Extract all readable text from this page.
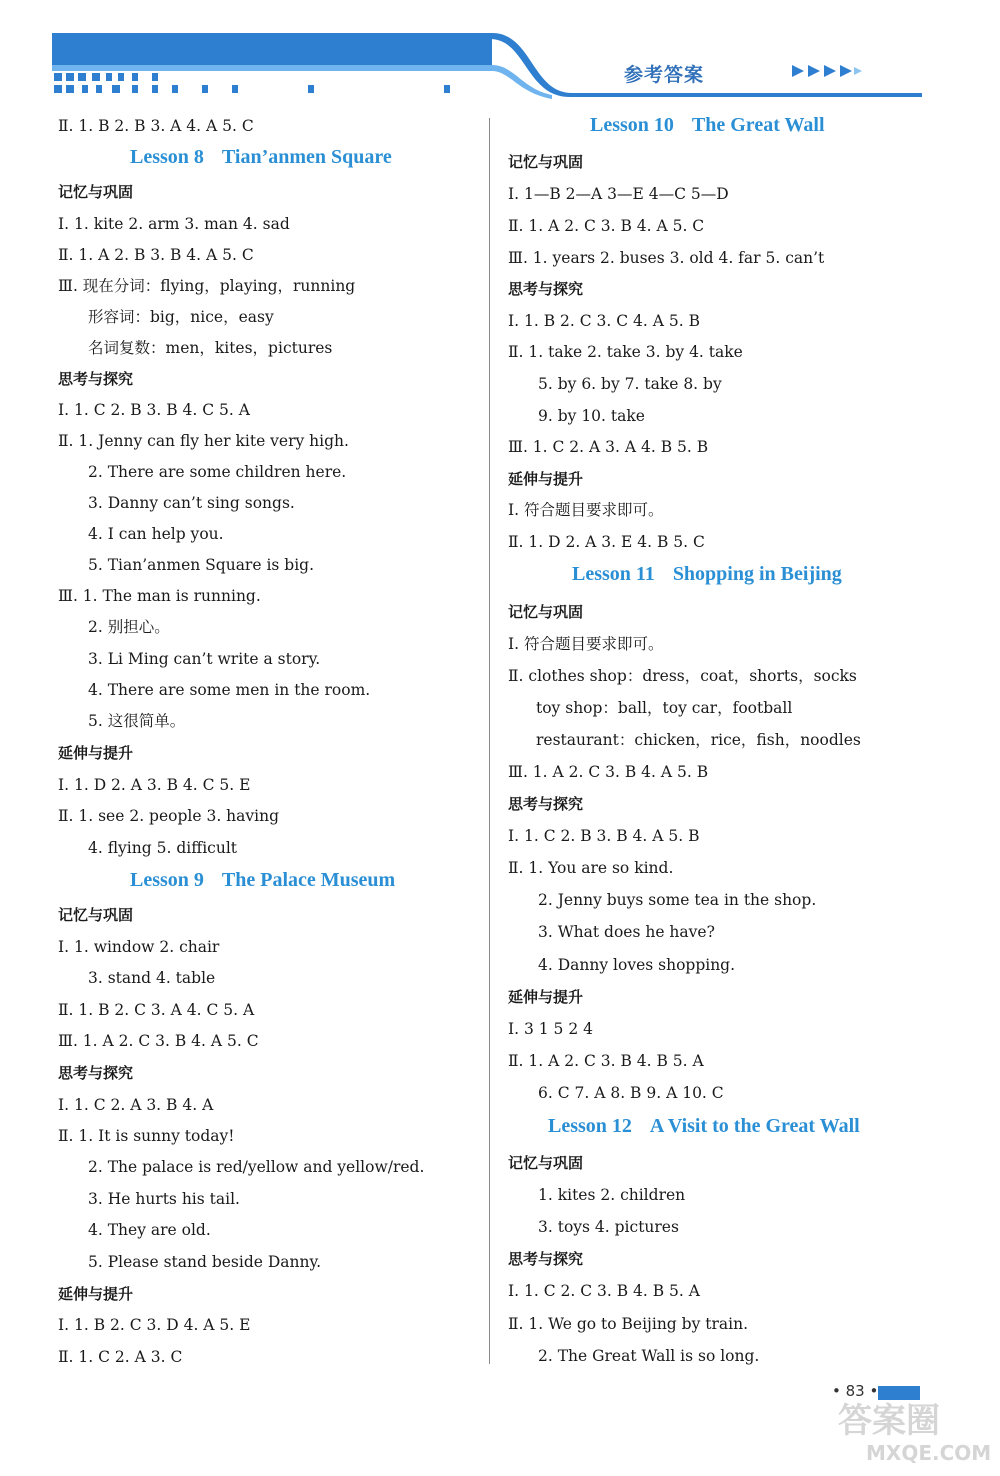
参考答案
Ⅱ. 1. B 2. B 3. A 4. A 5. C
Lesson 8 Tian’anmen Square
记忆与巩固
Ⅰ. 1. kite 2. arm 3. man 4. sad
Ⅱ. 1. A 2. B 3. B 4. A 5. C
Ⅲ. 现在分词：flying，playing，running
形容词：big，nice，easy
名词复数：men，kites，pictures
思考与探究
Ⅰ. 1. C 2. B 3. B 4. C 5. A
Ⅱ. 1. Jenny can fly her kite very high.
2. There are some children here.
3. Danny can’t sing songs.
4. I can help you.
5. Tian’anmen Square is big.
Ⅲ. 1. The man is running.
2. 别担心。
3. Li Ming can’t write a story.
4. There are some men in the room.
5. 这很简单。
延伸与提升
Ⅰ. 1. D 2. A 3. B 4. C 5. E
Ⅱ. 1. see 2. people 3. having
4. flying 5. difficult
Lesson 9 The Palace Museum
记忆与巩固
Ⅰ. 1. window 2. chair
3. stand 4. table
Ⅱ. 1. B 2. C 3. A 4. C 5. A
Ⅲ. 1. A 2. C 3. B 4. A 5. C
思考与探究
Ⅰ. 1. C 2. A 3. B 4. A
Ⅱ. 1. It is sunny today!
2. The palace is red/yellow and yellow/red.
3. He hurts his tail.
4. They are old.
5. Please stand beside Danny.
延伸与提升
Ⅰ. 1. B 2. C 3. D 4. A 5. E
Ⅱ. 1. C 2. A 3. C
Lesson 10 The Great Wall
记忆与巩固
Ⅰ. 1—B 2—A 3—E 4—C 5—D
Ⅱ. 1. A 2. C 3. B 4. A 5. C
Ⅲ. 1. years 2. buses 3. old 4. far 5. can’t
思考与探究
Ⅰ. 1. B 2. C 3. C 4. A 5. B
Ⅱ. 1. take 2. take 3. by 4. take
5. by 6. by 7. take 8. by
9. by 10. take
Ⅲ. 1. C 2. A 3. A 4. B 5. B
延伸与提升
Ⅰ. 符合题目要求即可。
Ⅱ. 1. D 2. A 3. E 4. B 5. C
Lesson 11 Shopping in Beijing
记忆与巩固
Ⅰ. 符合题目要求即可。
Ⅱ. clothes shop：dress，coat，shorts，socks
toy shop：ball，toy car，football
restaurant：chicken，rice，fish，noodles
Ⅲ. 1. A 2. C 3. B 4. A 5. B
思考与探究
Ⅰ. 1. C 2. B 3. B 4. A 5. B
Ⅱ. 1. You are so kind.
2. Jenny buys some tea in the shop.
3. What does he have?
4. Danny loves shopping.
延伸与提升
Ⅰ. 3 1 5 2 4
Ⅱ. 1. A 2. C 3. B 4. B 5. A
6. C 7. A 8. B 9. A 10. C
Lesson 12 A Visit to the Great Wall
记忆与巩固
1. kites 2. children
3. toys 4. pictures
思考与探究
Ⅰ. 1. C 2. C 3. B 4. B 5. A
Ⅱ. 1. We go to Beijing by train.
2. The Great Wall is so long.
• 83 •
答案圈
MXQE.COM
